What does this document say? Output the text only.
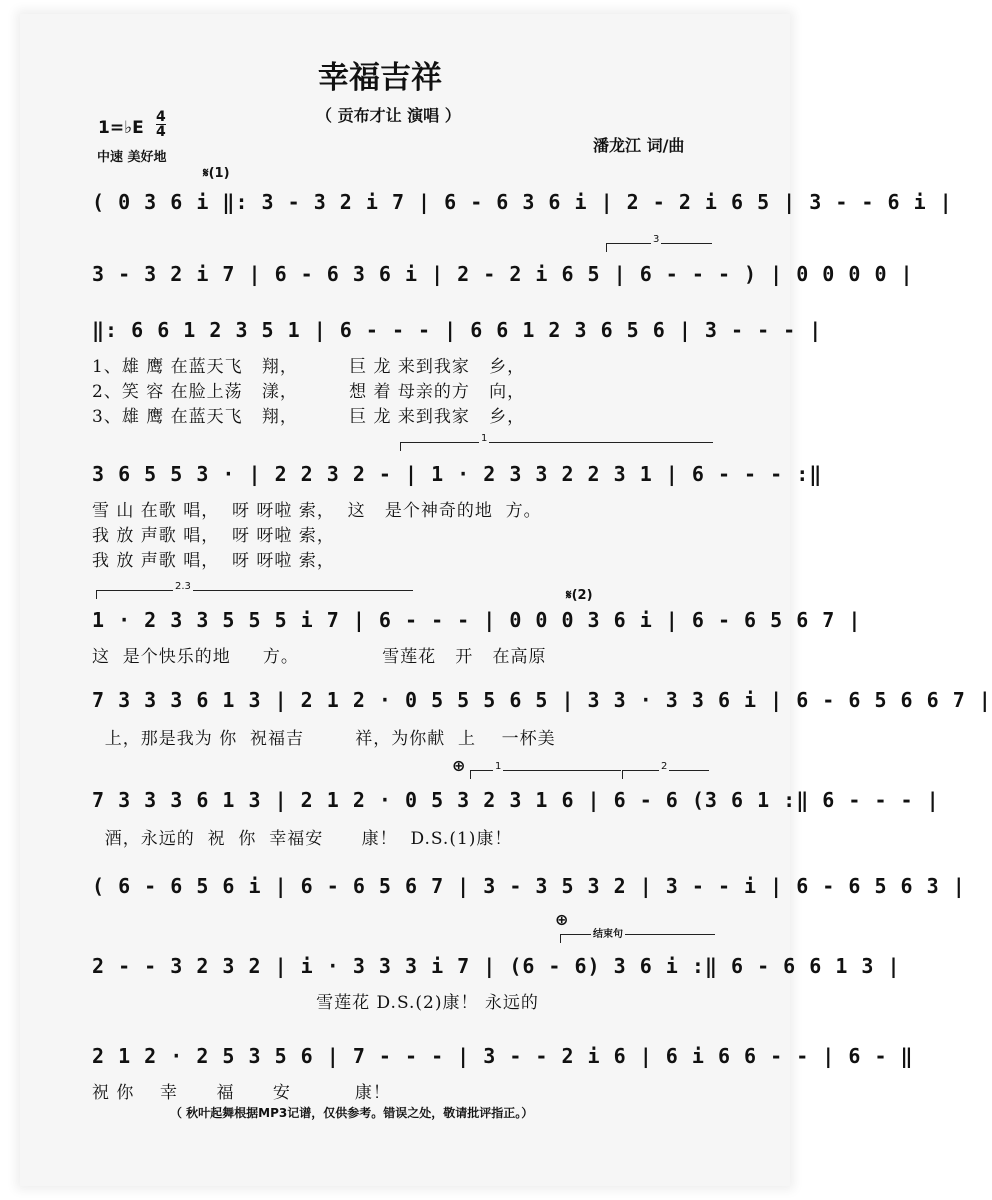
幸福吉祥
（ 贡布才让 演唱 ）
1=♭E $\frac{4}{4}$
中速 美好地
潘龙江 词/曲
𝄋(1)
( 0 3 6 i ‖: 3 - 3 2 i 7 | 6 - 6 3 6 i | 2 - 2 i 6 5 | 3 - - 6 i |
3
3 - 3 2 i 7 | 6 - 6 3 6 i | 2 - 2 i 6 5 | 6 - - - ) | 0 0 0 0 |
‖: 6 6 1 2 3 5 1 | 6 - - - | 6 6 1 2 3 6 5 6 | 3 - - - |
1、雄 鹰 在蓝天飞   翔，        巨 龙 来到我家   乡，
2、笑 容 在脸上荡   漾，        想 着 母亲的方   向，
3、雄 鹰 在蓝天飞   翔，        巨 龙 来到我家   乡，
1
3 6 5 5 3 · | 2 2 3 2 - | 1 · 2 3 3 2 2 3 1 | 6 - - - :‖
雪 山 在歌 唱，  呀 呀啦 索，  这   是个神奇的地  方。
我 放 声歌 唱，  呀 呀啦 索，
我 放 声歌 唱，  呀 呀啦 索，
2.3
𝄋(2)
1 · 2 3 3 5 5 5 i 7 | 6 - - - | 0 0 0 3 6 i | 6 - 6 5 6 7 |
这  是个快乐的地     方。             雪莲花   开   在高原
7 3 3 3 6 1 3 | 2 1 2 · 0 5 5 5 6 5 | 3 3 · 3 3 6 i | 6 - 6 5 6 6 7 |
上，那是我为 你  祝福吉        祥，为你献  上    一杯美
⊕	1	2
7 3 3 3 6 1 3 | 2 1 2 · 0 5 3 2 3 1 6 | 6 - 6 (3 6 1 :‖ 6 - - - |
酒，永远的  祝  你  幸福安      康！  D.S.(1)康！
( 6 - 6 5 6 i | 6 - 6 5 6 7 | 3 - 3 5 3 2 | 3 - - i | 6 - 6 5 6 3 |
⊕
结束句
2 - - 3 2 3 2 | i · 3 3 3 i 7 | (6 - 6) 3 6 i :‖ 6 - 6 6 1 3 |
雪莲花 D.S.(2)康！ 永远的
2 1 2 · 2 5 3 5 6 | 7 - - - | 3 - - 2 i 6 | 6 i 6 6 - - | 6 - ‖
祝 你    幸      福      安          康！
（ 秋叶起舞根据MP3记谱，仅供参考。错误之处，敬请批评指正。）
